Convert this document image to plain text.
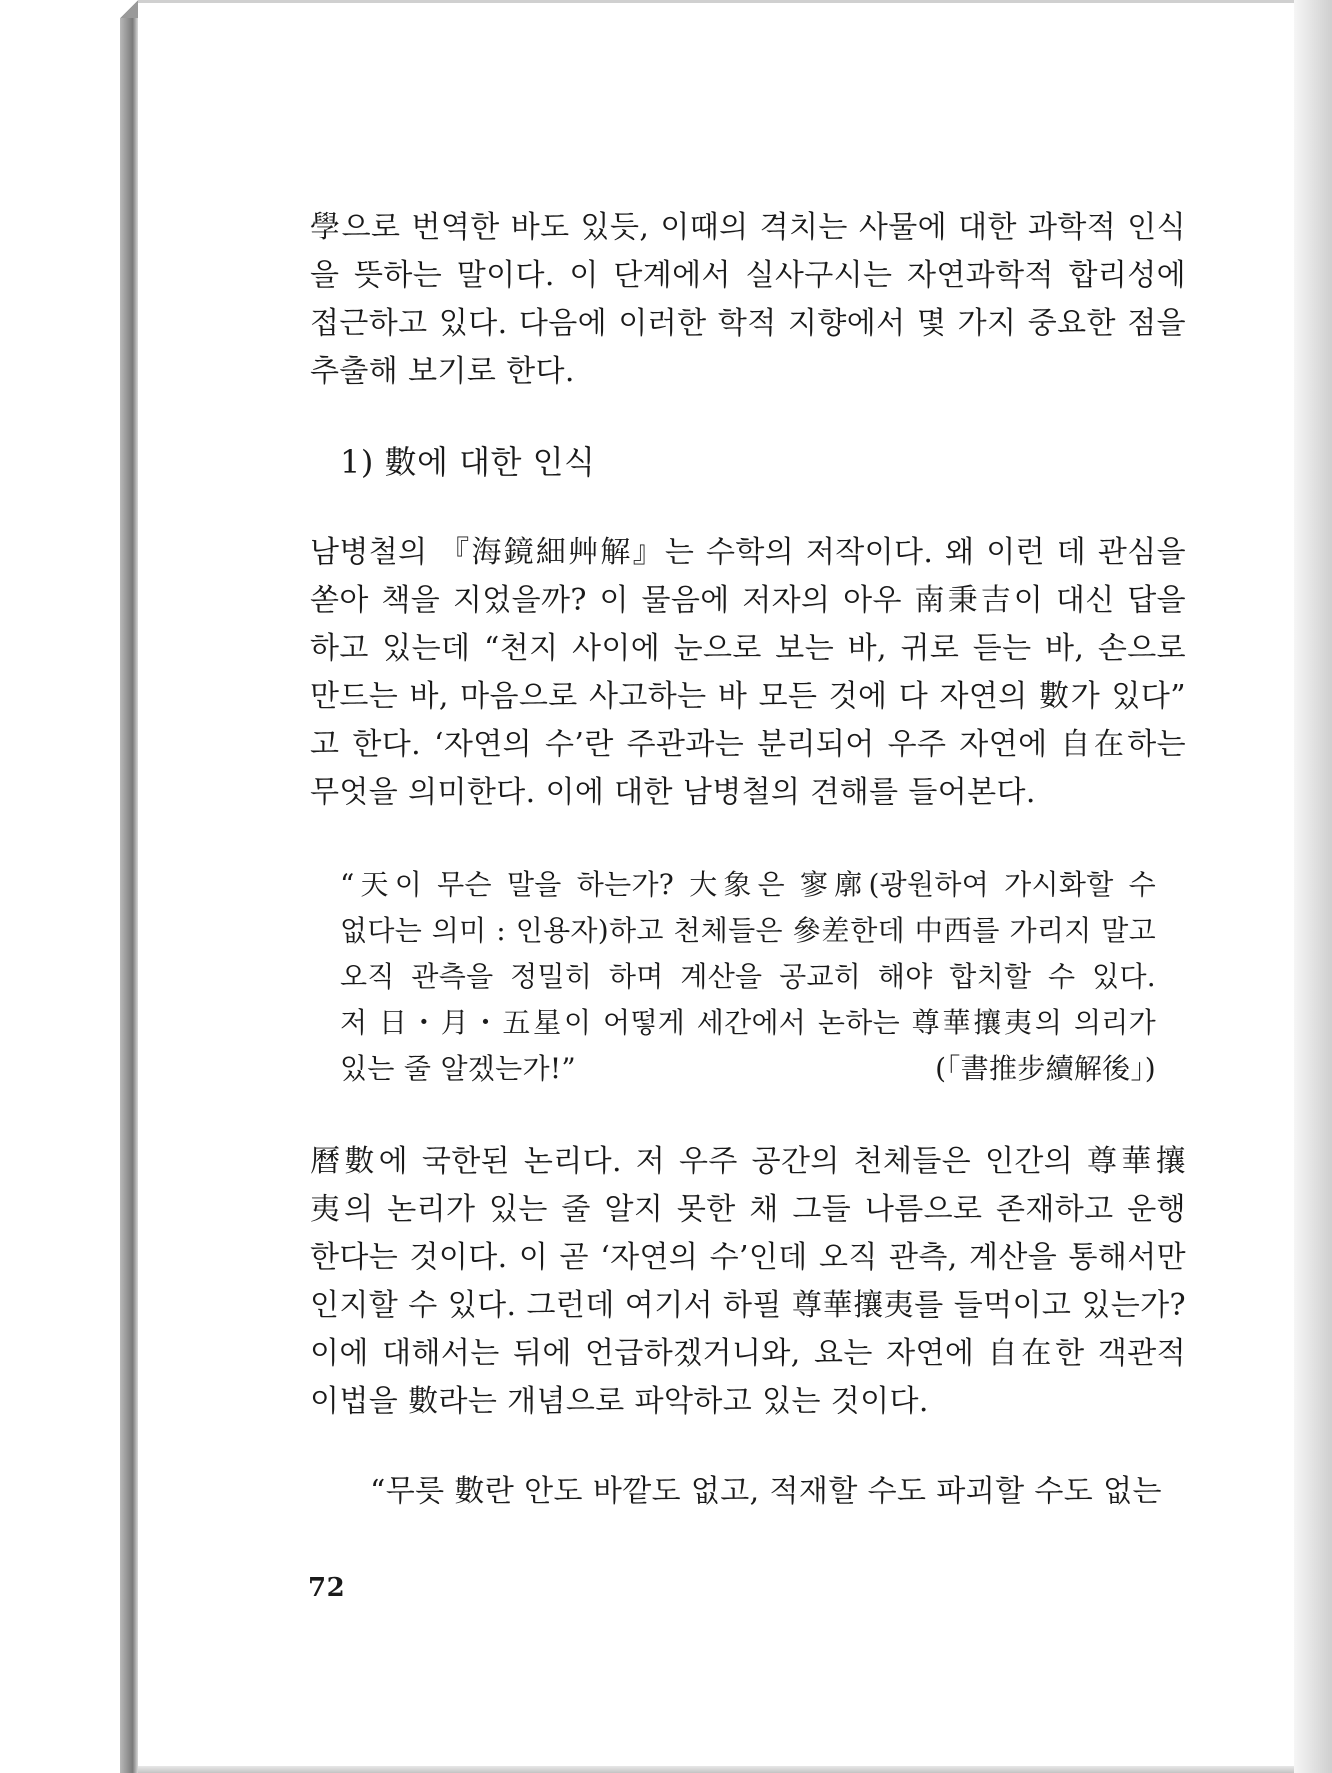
學으로 번역한 바도 있듯, 이때의 격치는 사물에 대한 과학적 인식
을 뜻하는 말이다. 이 단계에서 실사구시는 자연과학적 합리성에
접근하고 있다. 다음에 이러한 학적 지향에서 몇 가지 중요한 점을
추출해 보기로 한다.
1) 數에 대한 인식
남병철의 『海鏡細艸解』는 수학의 저작이다. 왜 이런 데 관심을
쏟아 책을 지었을까? 이 물음에 저자의 아우 南秉吉이 대신 답을
하고 있는데 “천지 사이에 눈으로 보는 바, 귀로 듣는 바, 손으로
만드는 바, 마음으로 사고하는 바 모든 것에 다 자연의 數가 있다”
고 한다. ‘자연의 수’란 주관과는 분리되어 우주 자연에 自在하는
무엇을 의미한다. 이에 대한 남병철의 견해를 들어본다.
“天이 무슨 말을 하는가? 大象은 寥廓(광원하여 가시화할 수
없다는 의미 : 인용자)하고 천체들은 參差한데 中西를 가리지 말고
오직 관측을 정밀히 하며 계산을 공교히 해야 합치할 수 있다.
저 日・月・五星이 어떻게 세간에서 논하는 尊華攘夷의 의리가
있는 줄 알겠는가!”	(「書推步續解後」)
曆數에 국한된 논리다. 저 우주 공간의 천체들은 인간의 尊華攘
夷의 논리가 있는 줄 알지 못한 채 그들 나름으로 존재하고 운행
한다는 것이다. 이 곧 ‘자연의 수’인데 오직 관측, 계산을 통해서만
인지할 수 있다. 그런데 여기서 하필 尊華攘夷를 들먹이고 있는가?
이에 대해서는 뒤에 언급하겠거니와, 요는 자연에 自在한 객관적
이법을 數라는 개념으로 파악하고 있는 것이다.
“무릇 數란 안도 바깥도 없고, 적재할 수도 파괴할 수도 없는
72
